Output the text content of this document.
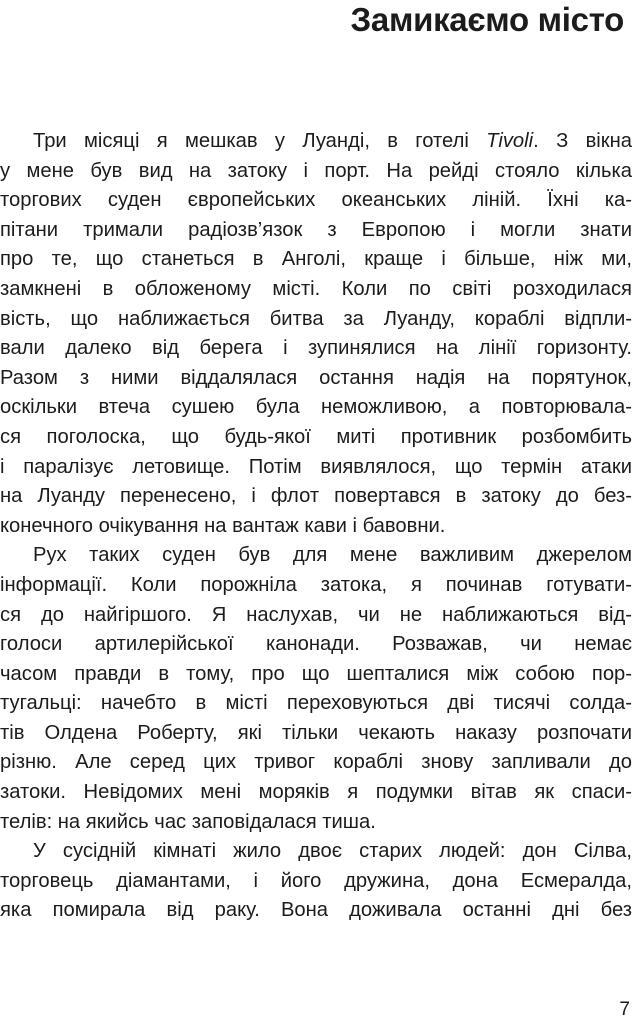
Замикаємо місто
Три місяці я мешкав у Луанді, в готелі Tivoli. З вікна
у мене був вид на затоку і порт. На рейді стояло кілька
торгових суден європейських океанських ліній. Їхні ка-
пітани тримали радіозв’язок з Европою і могли знати
про те, що станеться в Анголі, краще і більше, ніж ми,
замкнені в обложеному місті. Коли по світі розходилася
вість, що наближається битва за Луанду, кораблі відпли-
вали далеко від берега і зупинялися на лінії горизонту.
Разом з ними віддалялася остання надія на порятунок,
оскільки втеча сушею була неможливою, а повторювала-
ся поголоска, що будь-якої миті противник розбомбить
і паралізує летовище. Потім виявлялося, що термін атаки
на Луанду перенесено, і флот повертався в затоку до без-
конечного очікування на вантаж кави і бавовни.
Рух таких суден був для мене важливим джерелом
інформації. Коли порожніла затока, я починав готувати-
ся до найгіршого. Я наслухав, чи не наближаються від-
голоси артилерійської канонади. Розважав, чи немає
часом правди в тому, про що шепталися між собою пор-
тугальці: начебто в місті переховуються дві тисячі солда-
тів Олдена Роберту, які тільки чекають наказу розпочати
різню. Але серед цих тривог кораблі знову запливали до
затоки. Невідомих мені моряків я подумки вітав як спаси-
телів: на якийсь час заповідалася тиша.
У сусідній кімнаті жило двоє старих людей: дон Сілва,
торговець діамантами, і його дружина, дона Есмералда,
яка помирала від раку. Вона доживала останні дні без
7
